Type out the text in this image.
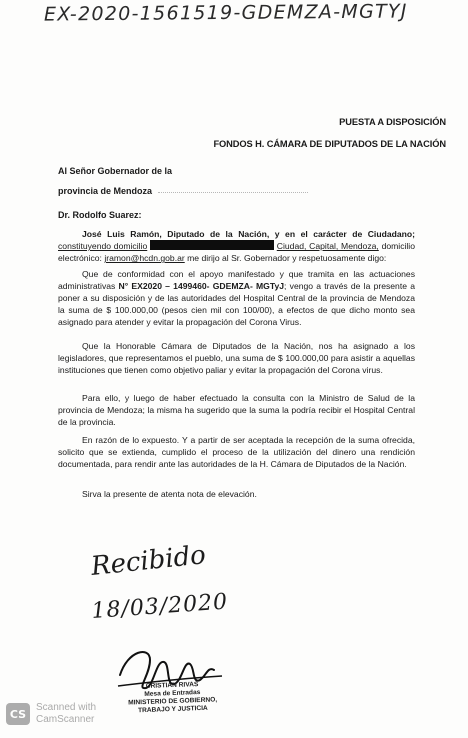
EX-2020-1561519-GDEMZA-MGTYJ
PUESTA A DISPOSICIÓN
FONDOS H. CÁMARA DE DIPUTADOS DE LA NACIÓN
Al Señor Gobernador de la
provincia de Mendoza
Dr. Rodolfo Suarez:

José Luis Ramón, Diputado de la Nación, y en el carácter de Ciudadano; constituyendo domicilio	Ciudad, Capital, Mendoza, domicilio electrónico: jramon@hcdn.gob.ar me dirijo al Sr. Gobernador y respetuosamente digo:

Que de conformidad con el apoyo manifestado y que tramita en las actuaciones administrativas N° EX2020 – 1499460- GDEMZA- MGTyJ; vengo a través de la presente a poner a su disposición y de las autoridades del Hospital Central de la provincia de Mendoza la suma de $ 100.000,00 (pesos cien mil con 100/00), a efectos de que dicho monto sea asignado para atender y evitar la propagación del Corona Virus.

Que la Honorable Cámara de Diputados de la Nación, nos ha asignado a los legisladores, que representamos el pueblo, una suma de $ 100.000,00 para asistir a aquellas instituciones que tienen como objetivo paliar y evitar la propagación del Corona virus.

Para ello, y luego de haber efectuado la consulta con la Ministro de Salud de la provincia de Mendoza; la misma ha sugerido que la suma la podría recibir el Hospital Central de la provincia.

En razón de lo expuesto. Y a partir de ser aceptada la recepción de la suma ofrecida, solicito que se extienda, cumplido el proceso de la utilización del dinero una rendición documentada, para rendir ante las autoridades de la H. Cámara de Diputados de la Nación.

Sirva la presente de atenta nota de elevación.

Recibido
18/03/2020
CRISTIAN RIVAS
Mesa de Entradas
MINISTERIO DE GOBIERNO,
TRABAJO Y JUSTICIA
CS Scanned with
CamScanner
